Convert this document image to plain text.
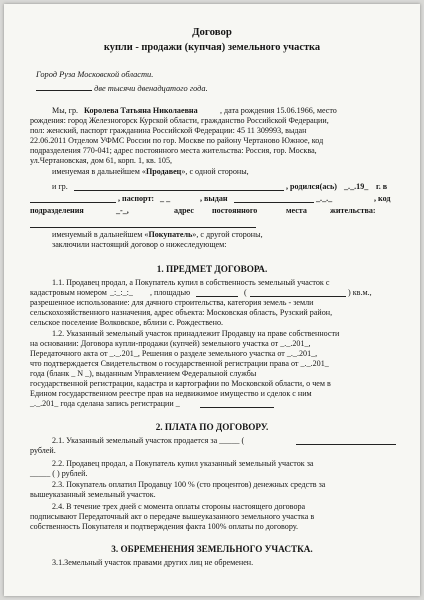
Договор
купли - продажи (купчая) земельного участка
Город Руза Московской области.
две тысячи двенадцатого года.
Мы, гр. Королева Татьяна Николаевна	, дата рождения 15.06.1966, место
рождения: город Железногорск Курской области, гражданство Российской Федерации,
пол: женский, паспорт гражданина Российской Федерации: 45 11 309993, выдан
22.06.2011 Отделом УФМС России по гор. Москве по району Чертаново Южное, код
подразделения 770-041; адрес постоянного места жительства: Россия, гор. Москва,
ул.Чертановская, дом 61, корп. 1, кв. 105,
именуемая в дальнейшем «Продавец», с одной стороны,
и гр.	, родился(ась) _._.19_ г. в
, паспорт: _ _	, выдан	_._._	, код
подразделения	_-_,	адрес постоянного	места	жительства:
именуемый в дальнейшем «Покупатель», с другой стороны,
заключили настоящий договор о нижеследующем:
1. ПРЕДМЕТ ДОГОВОРА.
1.1. Продавец продал, а Покупатель купил в собственность земельный участок с
кадастровым номером _:_:_:_ , площадью	(	) кв.м.,
разрешенное использование: для дачного строительства, категория земель - земли
сельскохозяйственного назначения, адрес объекта: Московская область, Рузский район,
сельское поселение Волковское, вблизи с. Рождествено.
1.2. Указанный земельный участок принадлежит Продавцу на праве собственности
на основании: Договора купли-продажи (купчей) земельного участка от _._.201_,
Передаточного акта от _._.201_, Решения о разделе земельного участка от _._.201_,
что подтверждается Свидетельством о государственной регистрации права от _._.201_
года (бланк _ N _), выданным Управлением Федеральной службы
государственной регистрации, кадастра и картографии по Московской области, о чем в
Едином государственном реестре прав на недвижимое имущество и сделок с ним
_._.201_ года сделана запись регистрации _
2. ПЛАТА ПО ДОГОВОРУ.
2.1. Указанный земельный участок продается за _____ (
рублей.
2.2. Продавец продал, а Покупатель купил указанный земельный участок за
_____ ( ) рублей.
2.3. Покупатель оплатил Продавцу 100 % (сто процентов) денежных средств за
вышеуказанный земельный участок.
2.4. В течение трех дней с момента оплаты стороны настоящего договора
подписывают Передаточный акт о передаче вышеуказанного земельного участка в
собственность Покупателя и подтверждения факта 100% оплаты по договору.
3. ОБРЕМЕНЕНИЯ ЗЕМЕЛЬНОГО УЧАСТКА.
3.1.Земельный участок правами других лиц не обременен.
